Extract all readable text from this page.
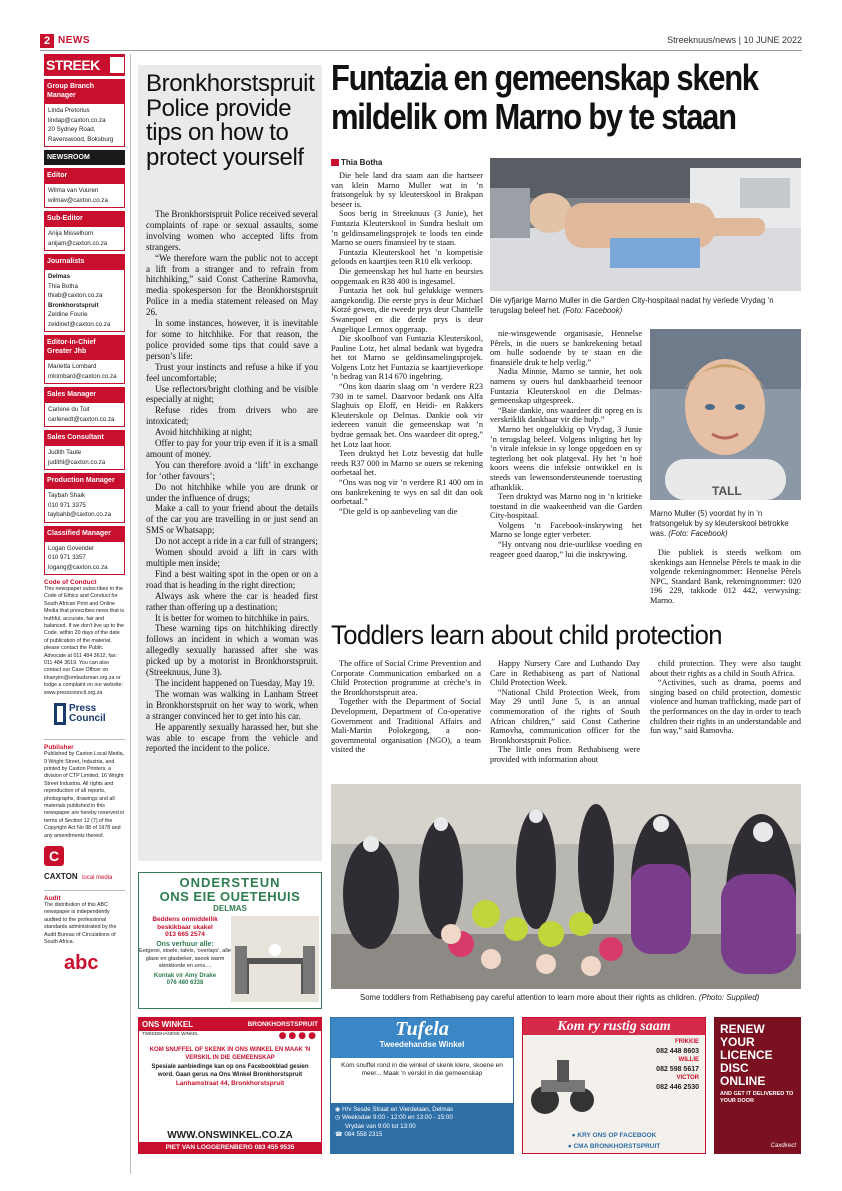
2 NEWS	Streeknuus/news | 10 JUNE 2022
STREEK
Group Branch Manager
Linda Pretorius
lindap@caxton.co.za
20 Sydney Road,
Ravenswood, Boksburg
NEWSROOM
Editor
Wilma van Vuuren
wilmav@caxton.co.za
Sub-Editor
Anija Misselhorn
anijam@caxton.co.za
Journalists
Delmas
Thia Botha
thiab@caxton.co.za
Bronkhorstspruit
Zeldine Fourie
zeldinef@caxton.co.za
Editor-in-Chief Greater Jhb
Marietta Lombard
mlombard@caxton.co.za
Sales Manager
Carlene du Toit
carlenedt@caxton.co.za
Sales Consultant
Judith Taute
judithl@caxton.co.za
Production Manager
Taybah Shaik
010 971 3375
taybahb@caxton.co.za
Classified Manager
Logan Govender
010 971 3357
logang@caxton.co.za
Code of Conduct
This newspaper subscribes to the Code of Ethics and Conduct for South African Print and Online Media that prescribes news that is truthful, accurate, fair and balanced. If we don't live up to the Code, within 20 days of the date of publication of the material, please contact the Public Advocate at 011 484 3612, fax: 011 484 3619. You can also contact our Case Officer on khanyim@ombudsman.org.za or lodge a complaint on our website: www.presscouncil.org.za
Press Council
Publisher
Published by Caxton Local Media, 9 Wright Street, Industria, and printed by Caxton Printers, a division of CTP Limited, 16 Wright Street Industria. All rights and reproduction of all reports, photographs, drawings and all materials published in this newspaper are hereby reserved in terms of Section 12 (7) of the Copyright Act No 98 of 1978 and any amendments thereof.
C
CAXTON local media
Audit
The distribution of this ABC newspaper is independently audited to the professional standards administrated by the Audit Bureau of Circulations of South Africa.
abc
Bronkhorstspruit Police provide tips on how to protect yourself

The Bronkhorstspruit Police received several complaints of rape or sexual assaults, some involving women who accepted lifts from strangers.

“We therefore warn the public not to accept a lift from a stranger and to refrain from hitchhiking,” said Const Catherine Ramovha, media spokesperson for the Bronkhorstspruit Police in a media statement released on May 26.

In some instances, however, it is inevitable for some to hitchhike. For that reason, the police provided some tips that could save a person’s life:

Trust your instincts and refuse a hike if you feel uncomfortable;

Use reflectors/bright clothing and be visible especially at night;

Refuse rides from drivers who are intoxicated;

Avoid hitchhiking at night;

Offer to pay for your trip even if it is a small amount of money.

You can therefore avoid a ‘lift’ in exchange for ‘other favours’;

Do not hitchhike while you are drunk or under the influence of drugs;

Make a call to your friend about the details of the car you are travelling in or just send an SMS or Whatsapp;

Do not accept a ride in a car full of strangers;

Women should avoid a lift in cars with multiple men inside;

Find a best waiting spot in the open or on a road that is heading in the right direction;

Always ask where the car is headed first rather than offering up a destination;

It is better for women to hitchhike in pairs.

These warning tips on hitchhiking directly follows an incident in which a woman was allegedly sexually harassed after she was picked up by a motorist in Bronkhorstspruit. (Streeknuus, June 3).

The incident happened on Tuesday, May 19.

The woman was walking in Lanham Street in Bronkhorstspruit on her way to work, when a stranger convinced her to get into his car.

He apparently sexually harassed her, but she was able to escape from the vehicle and reported the incident to the police.

Funtazia en gemeenskap skenk
mildelik om Marno by te staan
Thia Botha

Die hele land dra saam aan die hartseer van klein Marno Muller wat in ’n fratsongeluk by sy kleuterskool in Brakpan beseer is.

Soos berig in Streeknuus (3 Junie), het Funtazia Kleuterskool in Sundra besluit om ’n geldinsamelingsprojek te loods ten einde Marno se ouers finansieel by te staan.

Funtazia Kleuterskool het ’n kompetisie geloods en kaartjies teen R10 elk verkoop.

Die gemeenskap het hul harte en beursies oopgemaak en R38 400 is ingesamel.

Funtazia het ook hul gelukkige wenners aangekondig. Die eerste prys is deur Michael Kotzé gewen, die tweede prys deur Chantelle Swanepoel en die derde prys is deur Angelique Lennox opgeraap.

Die skoolhoof van Funtazia Kleuterskool, Pauline Lotz, het almal bedank wat bygedra het tot Marno se geldinsamelingsprojek. Volgens Lotz het Funtazia se kaartjieverkope ’n bedrag van R14 670 ingebring.

“Ons kon daarin slaag om ’n verdere R23 730 in te samel. Daarvoor bedank ons Alfa Slaghuis op Eloff, en Heidi- en Rakkers Kleuterskole op Delmas. Dankie ook vir iedereen vanuit die gemeenskap wat ’n bydrae gemaak het. Ons waardeer dit opreg,” het Lotz laat hoor.

Teen druktyd het Lotz bevestig dat hulle reeds R37 000 in Marno se ouers se rekening oorbetaal het.

“Ons was nog vir ’n verdere R1 400 om in ons bankrekening te wys en sal dit dan ook oorbetaal.”

“Die geld is op aanbeveling van die

Die vyfjarige Marno Muller in die Garden City-hospitaal nadat hy verlede Vrydag ’n terugslag beleef het. (Foto: Facebook)

nie-winsgewende organisasie, Hennelse Pêrels, in die ouers se bankrekening betaal om hulle sodoende by te staan en die finansiële druk te help verlig.”

Nadia Minnie, Marno se tannie, het ook namens sy ouers hul dankbaarheid teenoor Funtazia Kleuterskool en die Delmas-gemeenskap uitgespreek.

“Baie dankie, ons waardeer dit opreg en is verskriklik dankbaar vir die hulp.”

Marno het ongelukkig op Vrydag, 3 Junie ’n terugslag beleef. Volgens inligting het hy ’n virale infeksie in sy longe opgedoen en sy tegterlong het ook platgeval. Hy het ’n hoë koors weens die infeksie ontwikkel en is steeds van lewensondersteunende toerusting afhanklik.

Teen druktyd was Marno nog in ’n kritieke toestand in die waakeenheid van die Garden City-hospitaal.

Volgens ’n Facebook-inskrywing het Marno se longe egter verbeter.

“Hy ontvang nou drie-uurlikse voeding en reageer goed daarop,” lui die inskrywing.

TALL
Marno Muller (5) voordat hy in ’n fratsongeluk by sy kleuterskool betrokke was. (Foto: Facebook)

Die publiek is steeds welkom om skenkings aan Hennelse Pêrels te maak in die volgende rekeningnommer: Hennelse Pêrels NPC, Standard Bank, rekeningnommer: 020 196 229, takkode 012 442, verwysing: Marno.

Toddlers learn about child protection

The office of Social Crime Prevention and Corporate Communication embarked on a Child Protection programme at crèche’s in the Bronkhorstspruit area.

Together with the Department of Social Development, Department of Co-operative Government and Traditional Affairs and Mali-Martin Polokegong, a non-governmental organisation (NGO), a team visited the

Happy Nursery Care and Luthando Day Care in Rethabiseng as part of National Child Protection Week.

“National Child Protection Week, from May 29 until June 5, is an annual commemoration of the rights of South African children,” said Const Catherine Ramovha, communication officer for the Bronkhorstspruit Police.

The little ones from Rethabiseng were provided with information about

child protection. They were also taught about their rights as a child in South Africa.

“Activities, such as drama, poems and singing based on child protection, domestic violence and human trafficking, made part of the performances on the day in order to teach children their rights in an understandable and fun way,” said Ramovha.

Some toddlers from Rethabiseng pay careful attention to learn more about their rights as children. (Photo: Supplied)
ONDERSTEUN
ONS EIE OUETEHUIS
DELMAS
Beddens onmiddellik beskikbaar skakel
013 665 2574
Ons verhuur alle:
Eetgerei, stoele, tafels, 'overlays', alle glase en glasbeker, asook warm skinkborde en urns....
Kontak vir Amy Drake
076 480 6338
ONS WINKEL	BRONKHORSTSPRUIT
TWEEDEHANDSE WINKEL	●●●●
KOM SNUFFEL OF SKENK IN ONS WINKEL EN MAAK 'N VERSKIL IN DIE GEMEENSKAP
Spesiale aanbiedinge kan op ons Facebookblad gesien word. Gaan gerus na Ons Winkel Bronkhorstspruit
Lanhamstraat 44, Bronkhorstspruit
WWW.ONSWINKEL.CO.ZA
PIET VAN LOGGERENBERG 083 455 9535
Tufela
Tweedehandse Winkel
Kom snuffel rond in die winkel of skenk klere, skoene en meer... Maak 'n verskil in die gemeenskap
◉ H/v Sesde Straat en Vierdelaan, Delmas
◷ Weeksdae 9:00 - 12:00 en 13:00 - 15:00
Vrydae van 9:00 tot 13:00
☎ 084 558 2315
Kom ry rustig saam
FRIKKIE
082 448 8603
WILLIE
082 598 5617
VICTOR
082 446 2530
● KRY ONS OP FACEBOOK
● CMA BRONKHORSTSPRUIT
RENEW
YOUR
LICENCE
DISC
ONLINE
AND GET IT DELIVERED TO YOUR DOOR
Caxdirect
